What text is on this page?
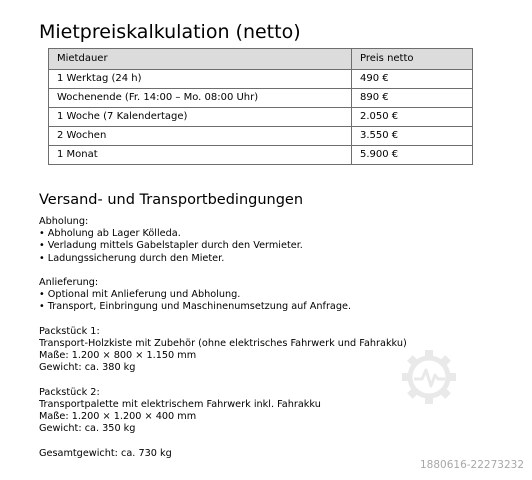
Mietpreiskalkulation (netto)
Mietdauer	Preis netto
1 Werktag (24 h)	490 €
Wochenende (Fr. 14:00 – Mo. 08:00 Uhr)	890 €
1 Woche (7 Kalendertage)	2.050 €
2 Wochen	3.550 €
1 Monat	5.900 €
Versand- und Transportbedingungen
Abholung:
• Abholung ab Lager Kölleda.
• Verladung mittels Gabelstapler durch den Vermieter.
• Ladungssicherung durch den Mieter.
Anlieferung:
• Optional mit Anlieferung und Abholung.
• Transport, Einbringung und Maschinenumsetzung auf Anfrage.
Packstück 1:
Transport-Holzkiste mit Zubehör (ohne elektrisches Fahrwerk und Fahrakku)
Maße: 1.200 × 800 × 1.150 mm
Gewicht: ca. 380 kg
Packstück 2:
Transportpalette mit elektrischem Fahrwerk inkl. Fahrakku
Maße: 1.200 × 1.200 × 400 mm
Gewicht: ca. 350 kg
Gesamtgewicht: ca. 730 kg
1880616-22273232
